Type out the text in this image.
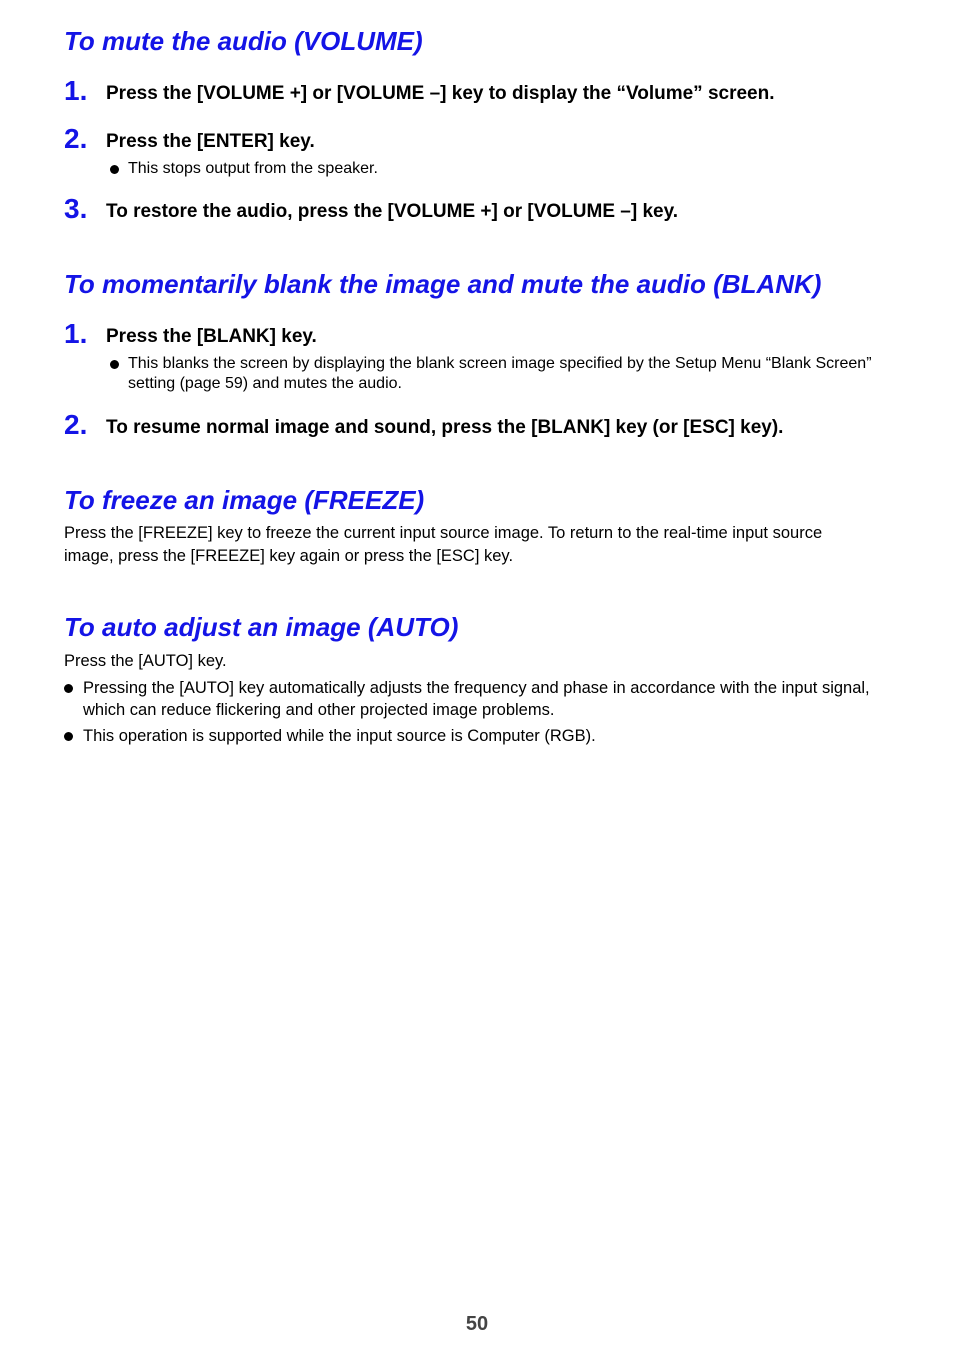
To mute the audio (VOLUME)
1. Press the [VOLUME +] or [VOLUME –] key to display the “Volume” screen.
2. Press the [ENTER] key.
This stops output from the speaker.
3. To restore the audio, press the [VOLUME +] or [VOLUME –] key.
To momentarily blank the image and mute the audio (BLANK)
1. Press the [BLANK] key.
This blanks the screen by displaying the blank screen image specified by the Setup Menu “Blank Screen” setting (page 59) and mutes the audio.
2. To resume normal image and sound, press the [BLANK] key (or [ESC] key).
To freeze an image (FREEZE)

Press the [FREEZE] key to freeze the current input source image. To return to the real-time input source image, press the [FREEZE] key again or press the [ESC] key.

To auto adjust an image (AUTO)

Press the [AUTO] key.

Pressing the [AUTO] key automatically adjusts the frequency and phase in accordance with the input signal, which can reduce flickering and other projected image problems.
This operation is supported while the input source is Computer (RGB).
50
